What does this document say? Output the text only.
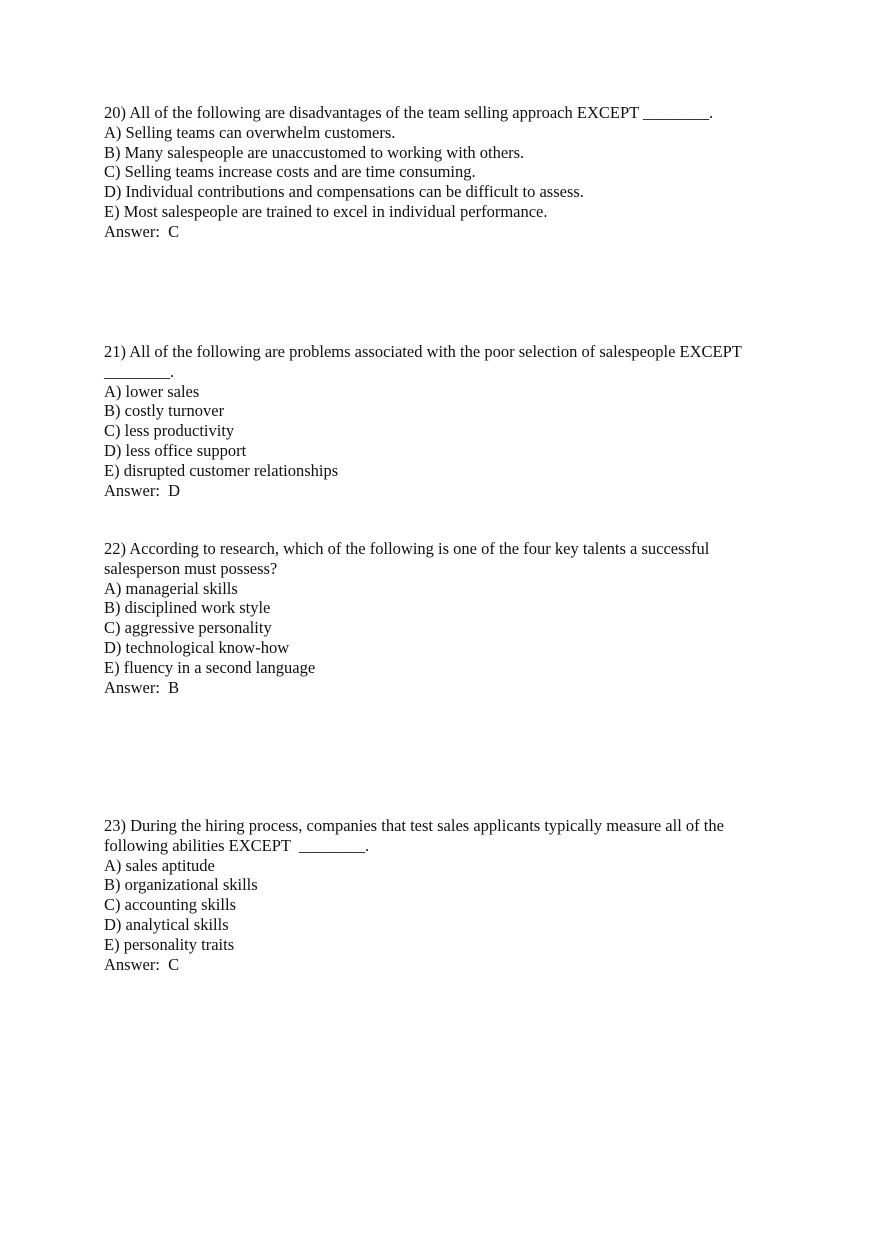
20) All of the following are disadvantages of the team selling approach EXCEPT ________.
A) Selling teams can overwhelm customers.
B) Many salespeople are unaccustomed to working with others.
C) Selling teams increase costs and are time consuming.
D) Individual contributions and compensations can be difficult to assess.
E) Most salespeople are trained to excel in individual performance.
Answer:  C
21) All of the following are problems associated with the poor selection of salespeople EXCEPT
________.
A) lower sales
B) costly turnover
C) less productivity
D) less office support
E) disrupted customer relationships
Answer:  D
22) According to research, which of the following is one of the four key talents a successful
salesperson must possess?
A) managerial skills
B) disciplined work style
C) aggressive personality
D) technological know-how
E) fluency in a second language
Answer:  B
23) During the hiring process, companies that test sales applicants typically measure all of the
following abilities EXCEPT  ________.
A) sales aptitude
B) organizational skills
C) accounting skills
D) analytical skills
E) personality traits
Answer:  C
